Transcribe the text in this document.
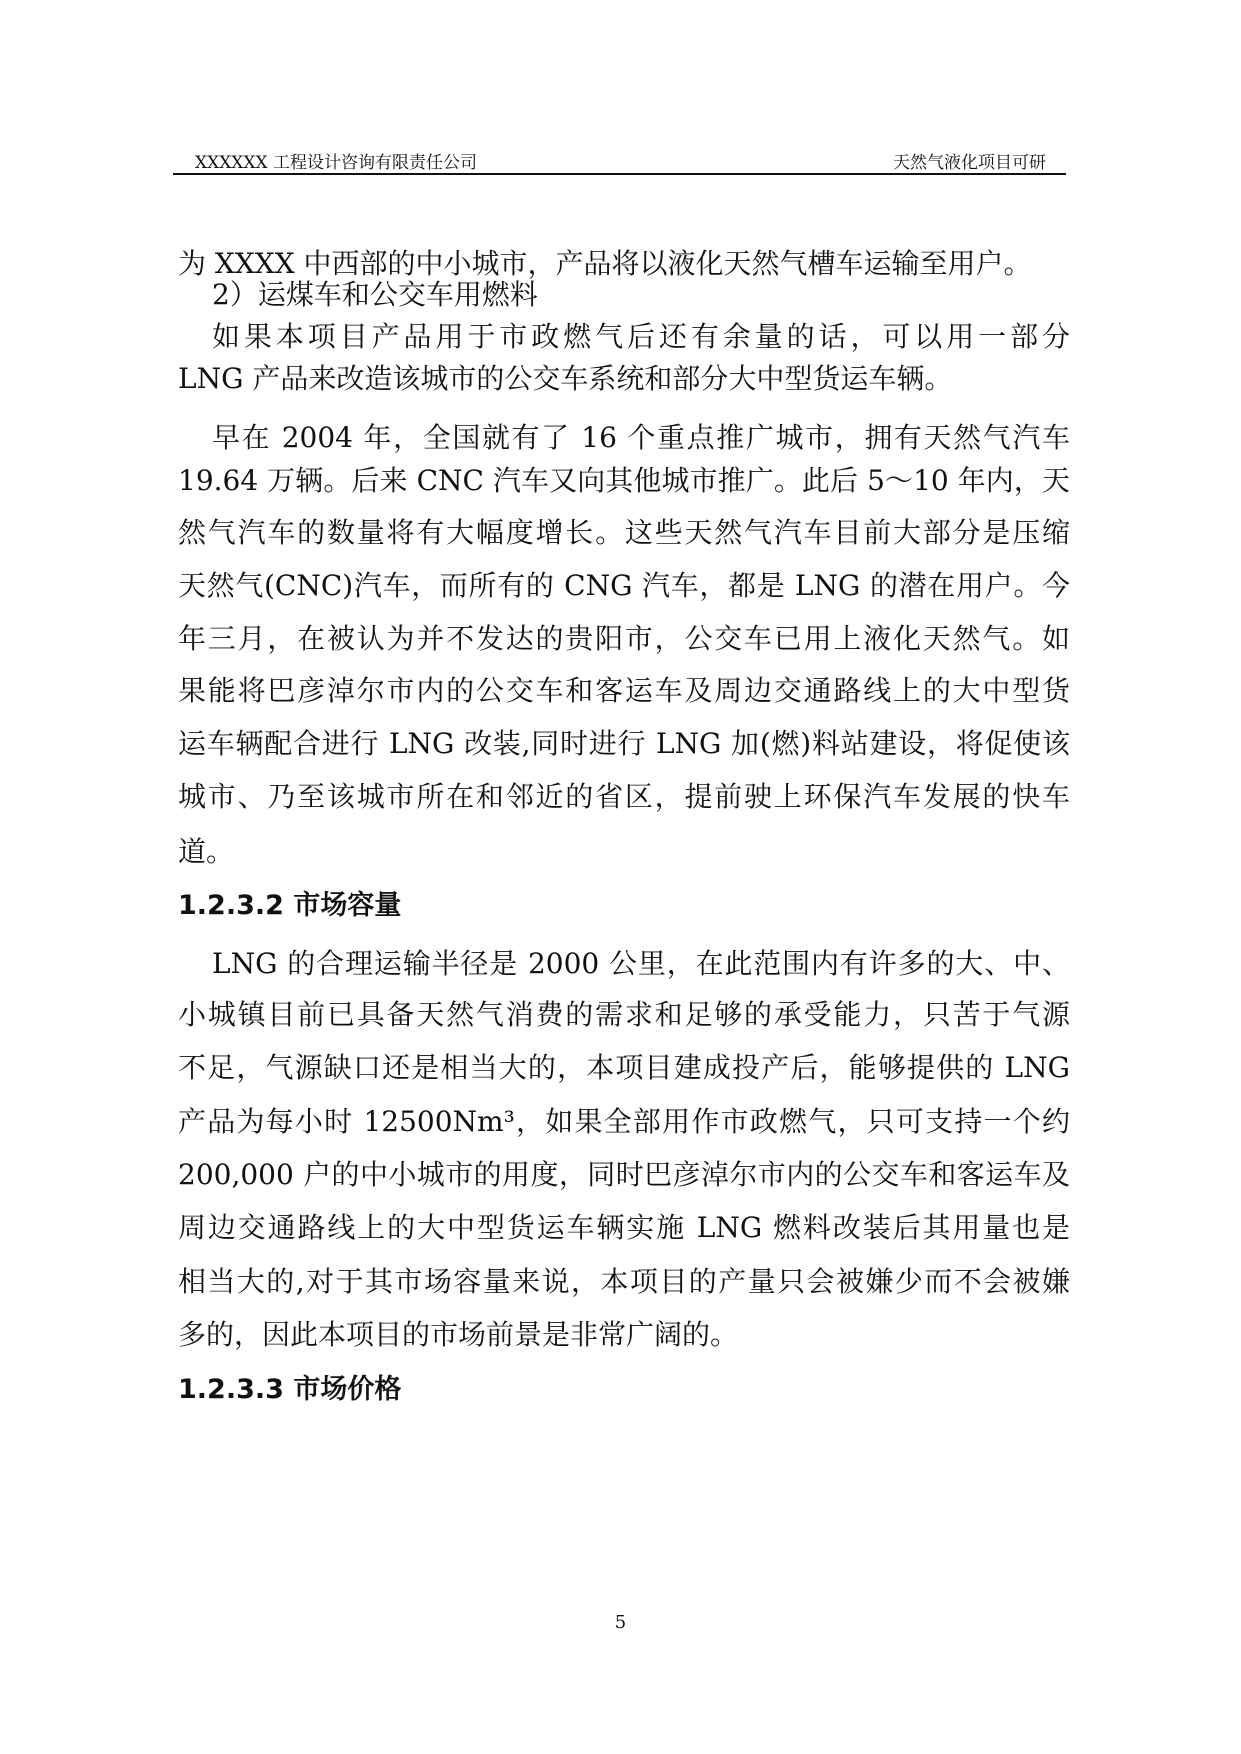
XXXXXX 工程设计咨询有限责任公司	天然气液化项目可研
为 XXXX 中西部的中小城市，产品将以液化天然气槽车运输至用户。
2）运煤车和公交车用燃料
如果本项目产品用于市政燃气后还有余量的话，可以用一部分
LNG 产品来改造该城市的公交车系统和部分大中型货运车辆。
早在 2004 年，全国就有了 16 个重点推广城市，拥有天然气汽车
19.64 万辆。后来 CNC 汽车又向其他城市推广。此后 5～10 年内，天
然气汽车的数量将有大幅度增长。这些天然气汽车目前大部分是压缩
天然气(CNC)汽车，而所有的 CNG 汽车，都是 LNG 的潜在用户。今
年三月，在被认为并不发达的贵阳市，公交车已用上液化天然气。如
果能将巴彦淖尔市内的公交车和客运车及周边交通路线上的大中型货
运车辆配合进行 LNG 改装,同时进行 LNG 加(燃)料站建设，将促使该
城市、乃至该城市所在和邻近的省区，提前驶上环保汽车发展的快车
道。
1.2.3.2 市场容量
LNG 的合理运输半径是 2000 公里，在此范围内有许多的大、中、
小城镇目前已具备天然气消费的需求和足够的承受能力，只苦于气源
不足，气源缺口还是相当大的，本项目建成投产后，能够提供的 LNG
产品为每小时 12500Nm³，如果全部用作市政燃气，只可支持一个约
200,000 户的中小城市的用度，同时巴彦淖尔市内的公交车和客运车及
周边交通路线上的大中型货运车辆实施 LNG 燃料改装后其用量也是
相当大的,对于其市场容量来说，本项目的产量只会被嫌少而不会被嫌
多的，因此本项目的市场前景是非常广阔的。
1.2.3.3 市场价格
5
